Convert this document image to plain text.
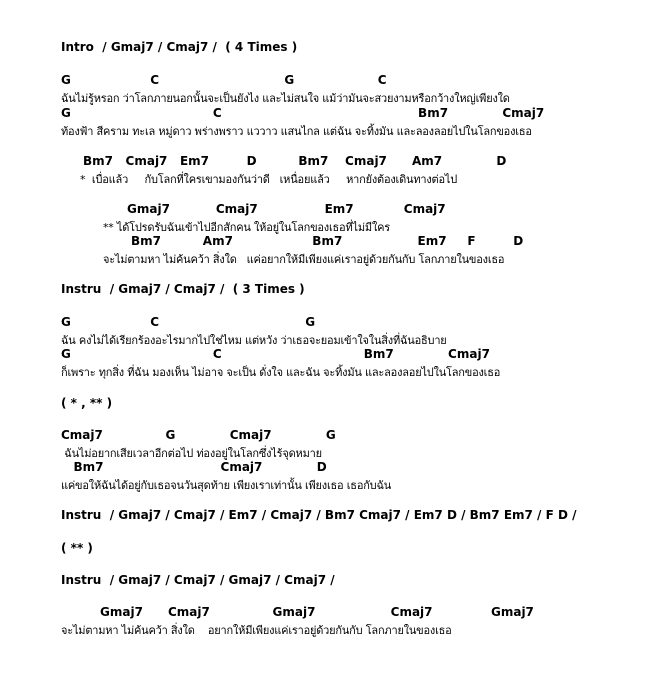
Intro  / Gmaj7 / Cmaj7 /  ( 4 Times )
G                   C                              G                    C
ฉันไม่รู้หรอก ว่าโลกภายนอกนั้นจะเป็นยังไง และไม่สนใจ แม้ว่ามันจะสวยงามหรือกว้างใหญ่เพียงใด
G                                  C                                               Bm7             Cmaj7
ท้องฟ้า สีคราม ทะเล หมู่ดาว พร่างพราว แววาว แสนไกล แต่ฉัน จะทิ้งมัน และลองลอยไปในโลกของเธอ
Bm7   Cmaj7   Em7         D          Bm7    Cmaj7      Am7             D
*  เบื่อแล้ว     กับโลกที่ใครเขามองกันว่าดี   เหนื่อยแล้ว     หากยังต้องเดินทางต่อไป
Gmaj7           Cmaj7                Em7            Cmaj7
** ได้โปรดรับฉันเข้าไปอีกสักคน ให้อยู่ในโลกของเธอที่ไม่มีใคร
Bm7          Am7                   Bm7                  Em7     F         D
จะไม่ตามหา ไม่ค้นคว้า สิ่งใด   แค่อยากให้มีเพียงแค่เราอยู่ด้วยกันกับ โลกภายในของเธอ
Instru  / Gmaj7 / Cmaj7 /  ( 3 Times )
G                   C                                   G
ฉัน คงไม่ได้เรียกร้องอะไรมากไปใช่ไหม แต่หวัง ว่าเธอจะยอมเข้าใจในสิ่งที่ฉันอธิบาย
G                                  C                                  Bm7             Cmaj7
ก็เพราะ ทุกสิ่ง ที่ฉัน มองเห็น ไม่อาจ จะเป็น ดั่งใจ และฉัน จะทิ้งมัน และลองลอยไปในโลกของเธอ
( * , ** )
Cmaj7               G             Cmaj7             G
ฉันไม่อยากเสียเวลาอีกต่อไป ท่องอยู่ในโลกซึ่งไร้จุดหมาย
Bm7                            Cmaj7             D
แค่ขอให้ฉันได้อยู่กับเธอจนวันสุดท้าย เพียงเราเท่านั้น เพียงเธอ เธอกับฉัน
Instru  / Gmaj7 / Cmaj7 / Em7 / Cmaj7 / Bm7 Cmaj7 / Em7 D / Bm7 Em7 / F D /
( ** )
Instru  / Gmaj7 / Cmaj7 / Gmaj7 / Cmaj7 /
Gmaj7      Cmaj7               Gmaj7                  Cmaj7              Gmaj7
จะไม่ตามหา ไม่ค้นคว้า สิ่งใด    อยากให้มีเพียงแค่เราอยู่ด้วยกันกับ โลกภายในของเธอ
